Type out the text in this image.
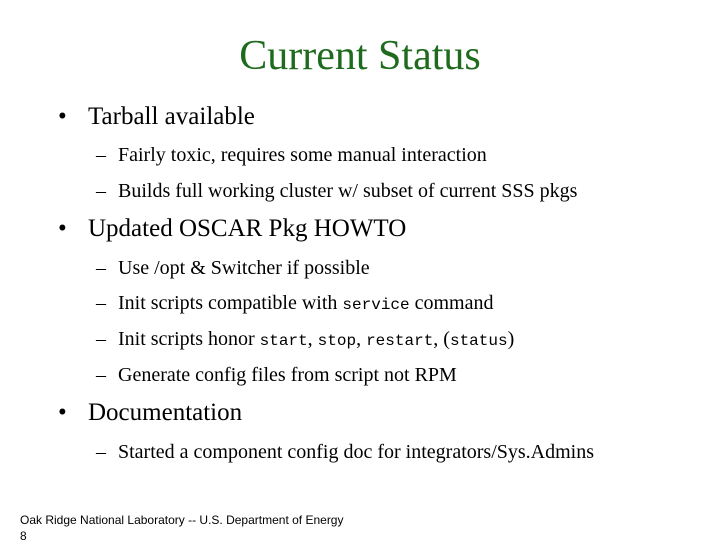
Current Status
• Tarball available
– Fairly toxic, requires some manual interaction
– Builds full working cluster w/ subset of current SSS pkgs
• Updated OSCAR Pkg HOWTO
– Use /opt & Switcher if possible
– Init scripts compatible with service command
– Init scripts honor start, stop, restart, (status)
– Generate config files from script not RPM
• Documentation
– Started a component config doc for integrators/Sys.Admins
Oak Ridge National Laboratory -- U.S. Department of Energy
8
